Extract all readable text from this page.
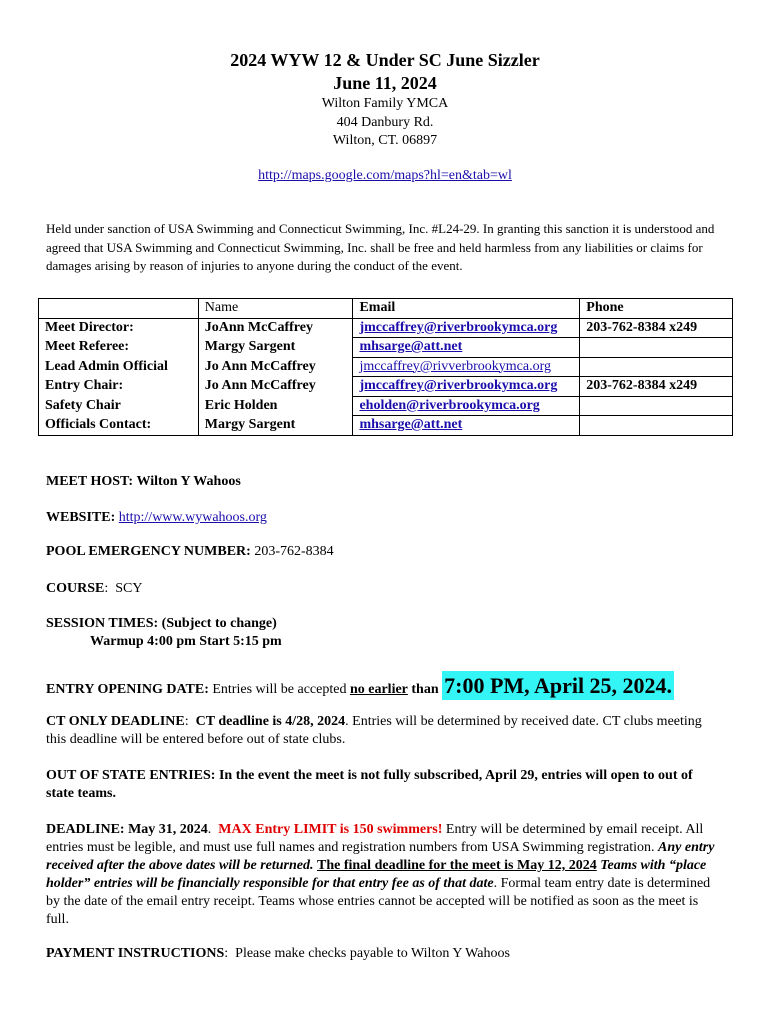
2024 WYW 12 & Under SC June Sizzler
June 11, 2024
Wilton Family YMCA
404 Danbury Rd.
Wilton, CT. 06897
http://maps.google.com/maps?hl=en&tab=wl
Held under sanction of USA Swimming and Connecticut Swimming, Inc. #L24-29. In granting this sanction it is understood and agreed that USA Swimming and Connecticut Swimming, Inc. shall be free and held harmless from any liabilities or claims for damages arising by reason of injuries to anyone during the conduct of the event.
	Name	Email	Phone
Meet Director:	JoAnn McCaffrey	jmccaffrey@riverbrookymca.org	203-762-8384 x249
Meet Referee:	Margy Sargent	mhsarge@att.net	
Lead Admin Official	Jo Ann McCaffrey	jmccaffrey@rivverbrookymca.org	
Entry Chair:	Jo Ann McCaffrey	jmccaffrey@riverbrookymca.org	203-762-8384 x249
Safety Chair	Eric Holden	eholden@riverbrookymca.org	
Officials Contact:	Margy Sargent	mhsarge@att.net	
MEET HOST: Wilton Y Wahoos
WEBSITE: http://www.wywahoos.org
POOL EMERGENCY NUMBER: 203-762-8384
COURSE:  SCY
SESSION TIMES: (Subject to change)
Warmup 4:00 pm Start 5:15 pm
ENTRY OPENING DATE: Entries will be accepted no earlier than 7:00 PM, April 25, 2024.
CT ONLY DEADLINE:  CT deadline is 4/28, 2024. Entries will be determined by received date. CT clubs meeting this deadline will be entered before out of state clubs.
OUT OF STATE ENTRIES: In the event the meet is not fully subscribed, April 29, entries will open to out of state teams.
DEADLINE: May 31, 2024.  MAX Entry LIMIT is 150 swimmers! Entry will be determined by email receipt. All entries must be legible, and must use full names and registration numbers from USA Swimming registration. Any entry received after the above dates will be returned. The final deadline for the meet is May 12, 2024 Teams with “place holder” entries will be financially responsible for that entry fee as of that date. Formal team entry date is determined by the date of the email entry receipt. Teams whose entries cannot be accepted will be notified as soon as the meet is full.
PAYMENT INSTRUCTIONS:  Please make checks payable to Wilton Y Wahoos
